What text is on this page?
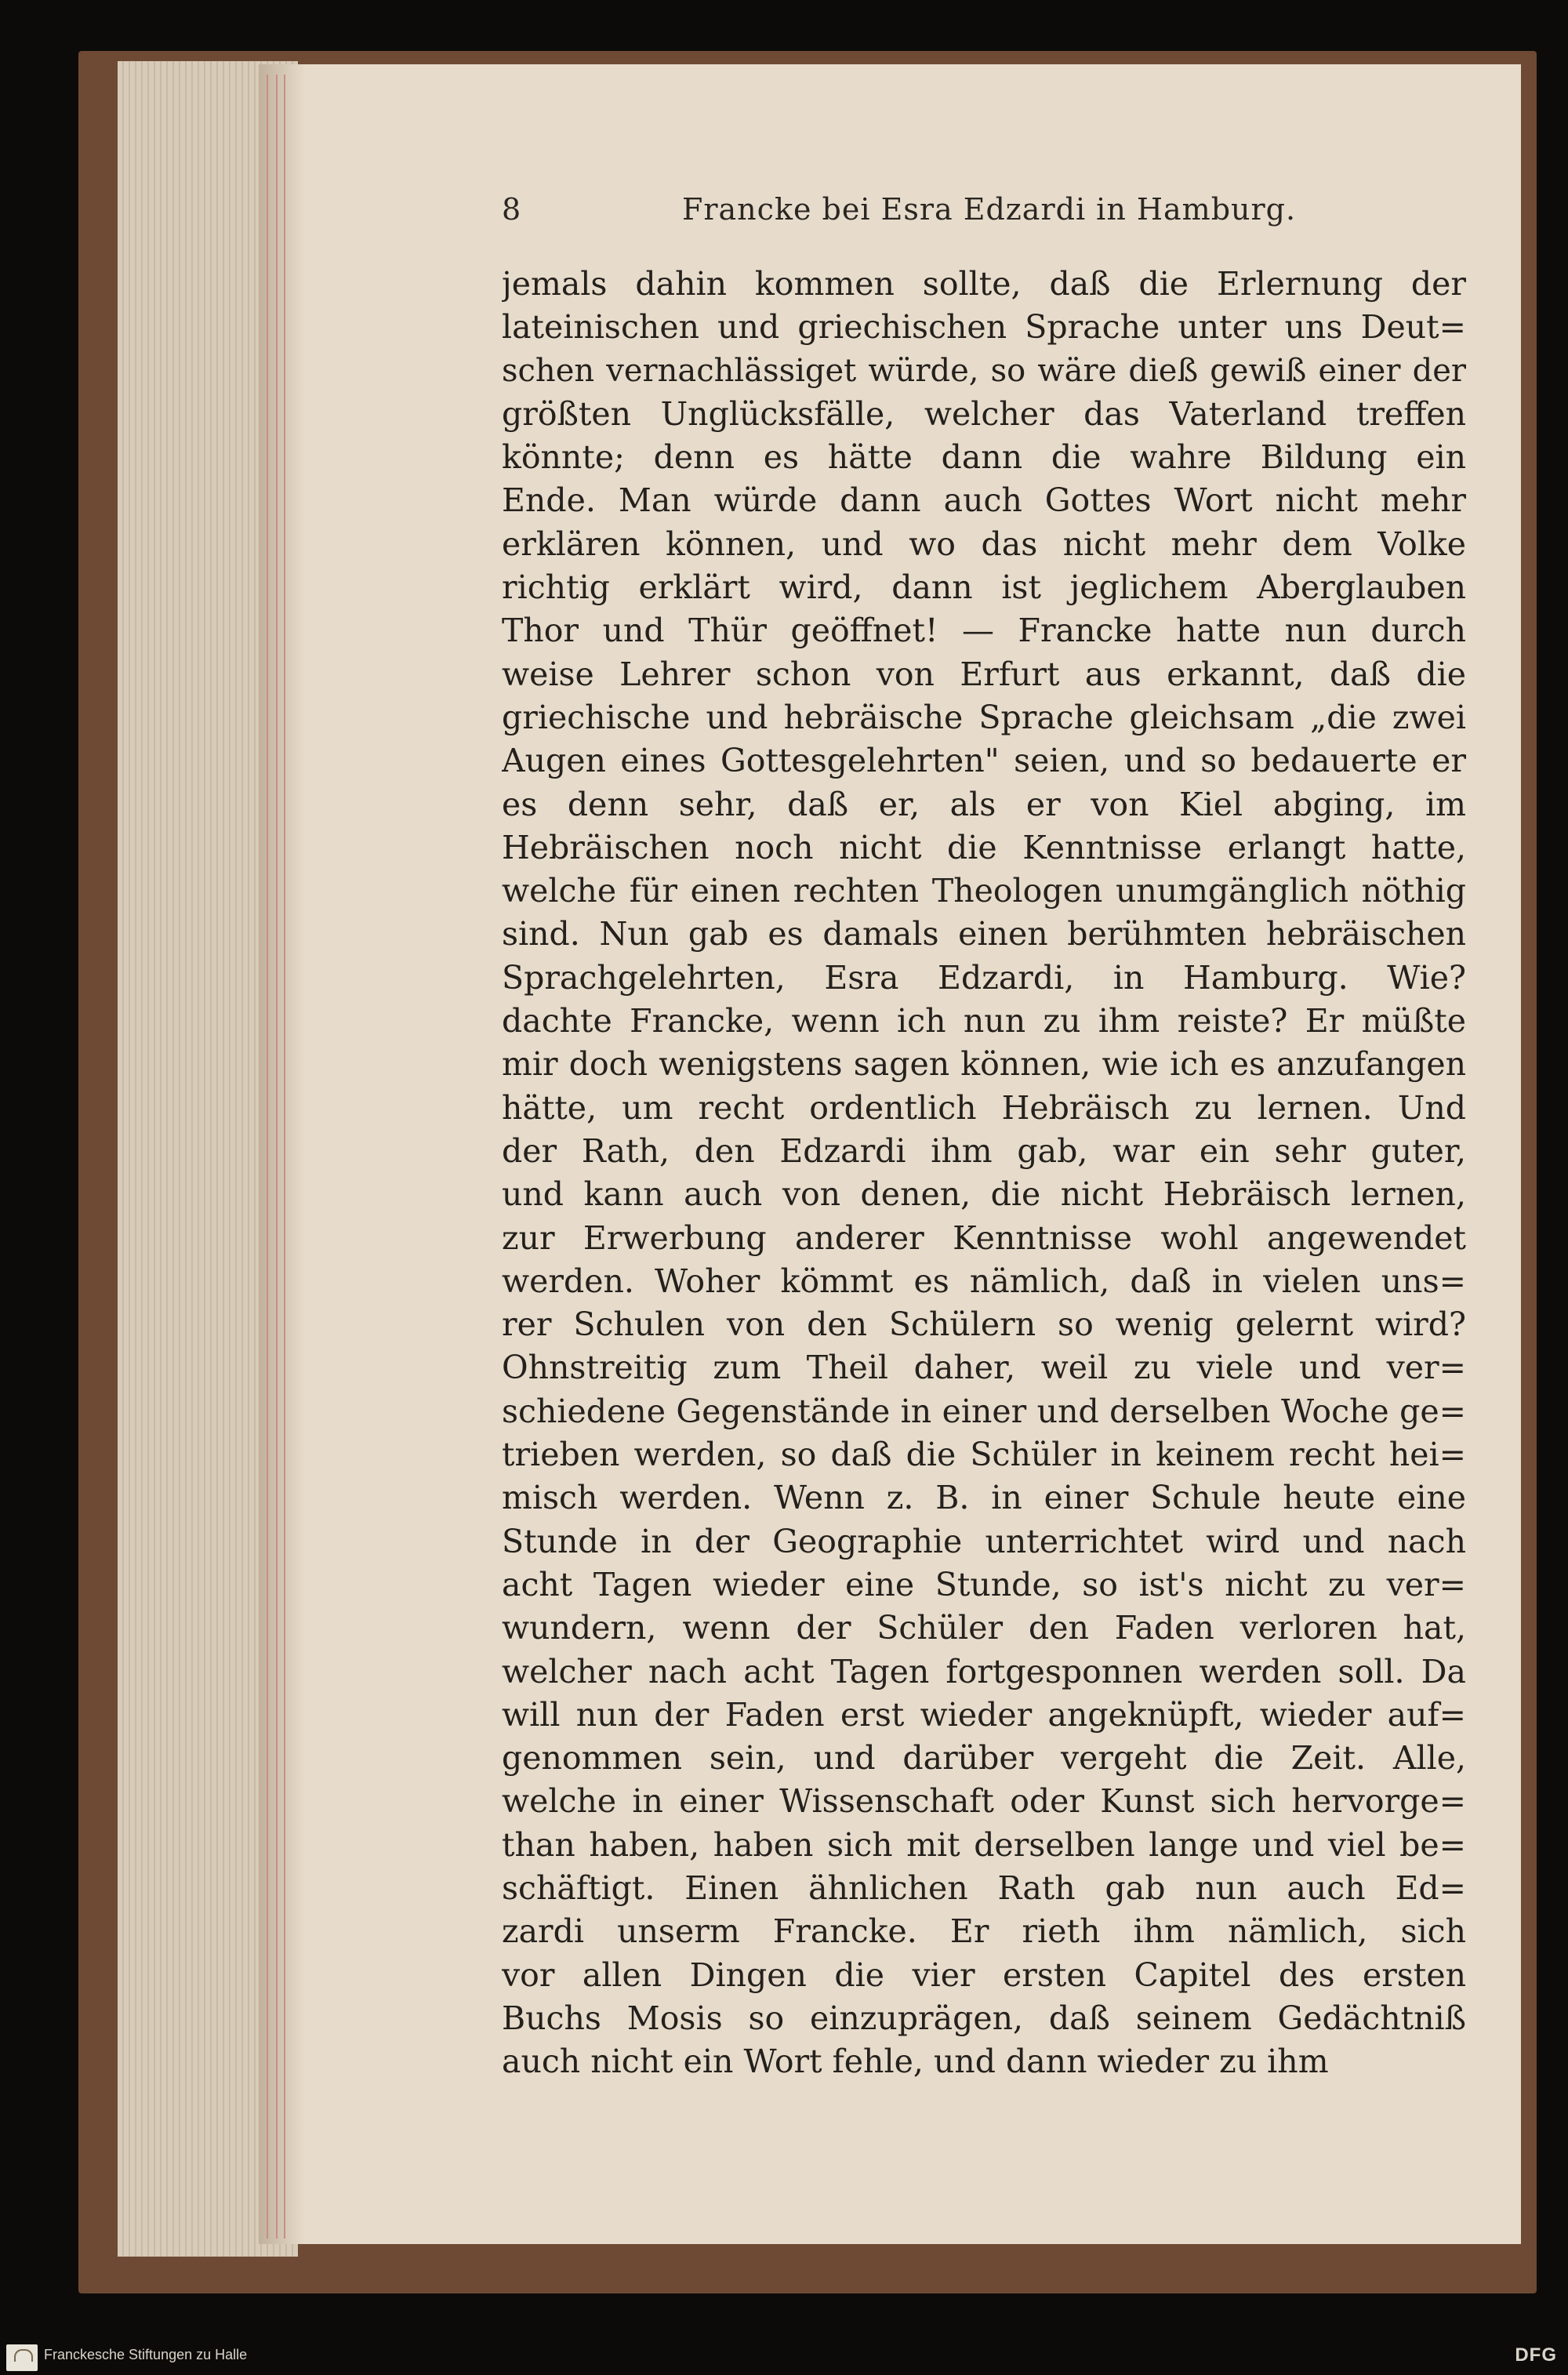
8	Francke bei Esra Edzardi in Hamburg.
jemals dahin kommen sollte, daß die Erlernung der
lateinischen und griechischen Sprache unter uns Deut=
schen vernachlässiget würde, so wäre dieß gewiß einer der
größten Unglücksfälle, welcher das Vaterland treffen
könnte; denn es hätte dann die wahre Bildung ein
Ende. Man würde dann auch Gottes Wort nicht mehr
erklären können, und wo das nicht mehr dem Volke
richtig erklärt wird, dann ist jeglichem Aberglauben
Thor und Thür geöffnet! — Francke hatte nun durch
weise Lehrer schon von Erfurt aus erkannt, daß die
griechische und hebräische Sprache gleichsam „die zwei
Augen eines Gottesgelehrten" seien, und so bedauerte er
es denn sehr, daß er, als er von Kiel abging, im
Hebräischen noch nicht die Kenntnisse erlangt hatte,
welche für einen rechten Theologen unumgänglich nöthig
sind. Nun gab es damals einen berühmten hebräischen
Sprachgelehrten, Esra Edzardi, in Hamburg. Wie?
dachte Francke, wenn ich nun zu ihm reiste? Er müßte
mir doch wenigstens sagen können, wie ich es anzufangen
hätte, um recht ordentlich Hebräisch zu lernen. Und
der Rath, den Edzardi ihm gab, war ein sehr guter,
und kann auch von denen, die nicht Hebräisch lernen,
zur Erwerbung anderer Kenntnisse wohl angewendet
werden. Woher kömmt es nämlich, daß in vielen uns=
rer Schulen von den Schülern so wenig gelernt wird?
Ohnstreitig zum Theil daher, weil zu viele und ver=
schiedene Gegenstände in einer und derselben Woche ge=
trieben werden, so daß die Schüler in keinem recht hei=
misch werden. Wenn z. B. in einer Schule heute eine
Stunde in der Geographie unterrichtet wird und nach
acht Tagen wieder eine Stunde, so ist's nicht zu ver=
wundern, wenn der Schüler den Faden verloren hat,
welcher nach acht Tagen fortgesponnen werden soll. Da
will nun der Faden erst wieder angeknüpft, wieder auf=
genommen sein, und darüber vergeht die Zeit. Alle,
welche in einer Wissenschaft oder Kunst sich hervorge=
than haben, haben sich mit derselben lange und viel be=
schäftigt. Einen ähnlichen Rath gab nun auch Ed=
zardi unserm Francke. Er rieth ihm nämlich, sich
vor allen Dingen die vier ersten Capitel des ersten
Buchs Mosis so einzuprägen, daß seinem Gedächtniß
auch nicht ein Wort fehle, und dann wieder zu ihm
Franckesche Stiftungen zu Halle	DFG
